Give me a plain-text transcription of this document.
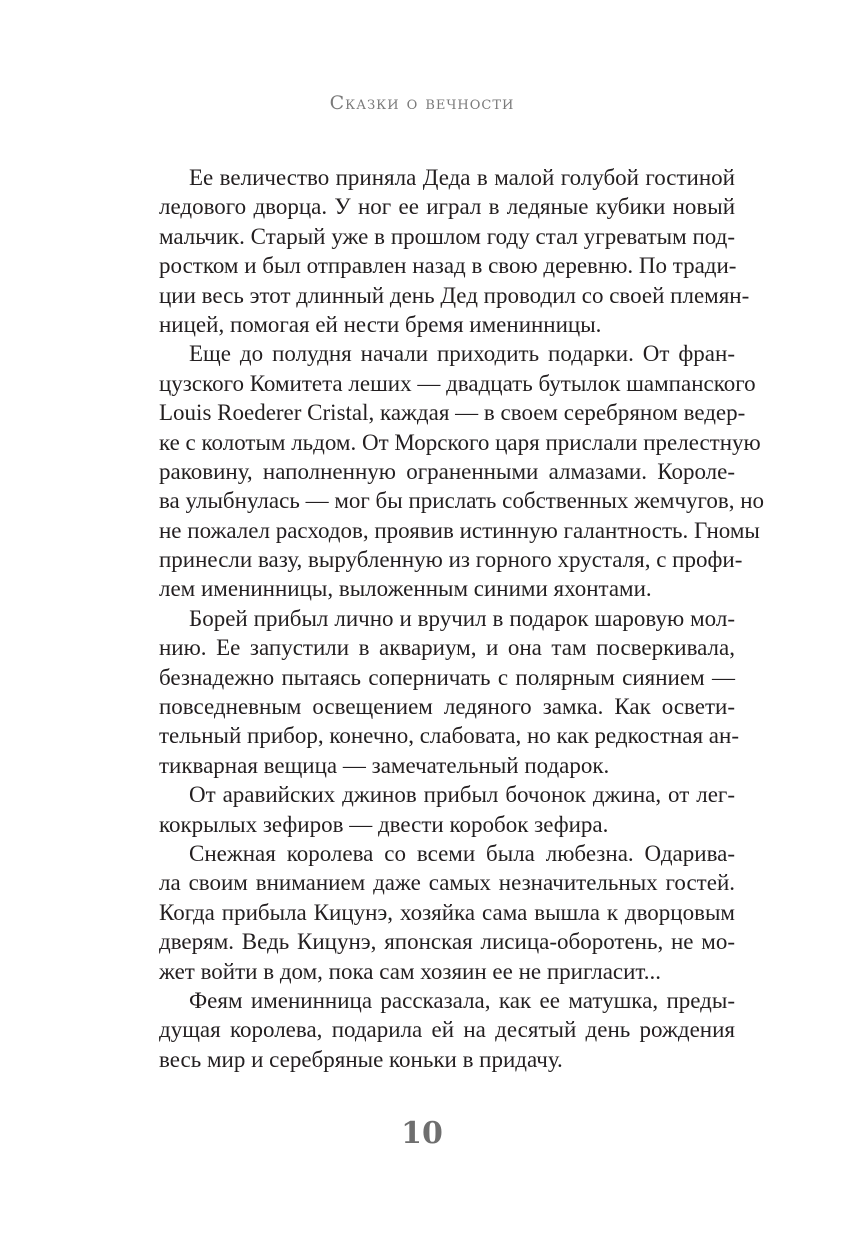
Сказки о вечности
Ее величество приняла Деда в малой голубой гостиной
ледового дворца. У ног ее играл в ледяные кубики новый
мальчик. Старый уже в прошлом году стал угреватым под-
ростком и был отправлен назад в свою деревню. По тради-
ции весь этот длинный день Дед проводил со своей племян-
ницей, помогая ей нести бремя именинницы.
Еще до полудня начали приходить подарки. От фран-
цузского Комитета леших — двадцать бутылок шампанского
Louis Roederer Cristal, каждая — в своем серебряном ведер-
ке с колотым льдом. От Морского царя прислали прелестную
раковину, наполненную ограненными алмазами. Короле-
ва улыбнулась — мог бы прислать собственных жемчугов, но
не пожалел расходов, проявив истинную галантность. Гномы
принесли вазу, вырубленную из горного хрусталя, с профи-
лем именинницы, выложенным синими яхонтами.
Борей прибыл лично и вручил в подарок шаровую мол-
нию. Ее запустили в аквариум, и она там посверкивала,
безнадежно пытаясь соперничать с полярным сиянием —
повседневным освещением ледяного замка. Как освети-
тельный прибор, конечно, слабовата, но как редкостная ан-
тикварная вещица — замечательный подарок.
От аравийских джинов прибыл бочонок джина, от лег-
кокрылых зефиров — двести коробок зефира.
Снежная королева со всеми была любезна. Одарива-
ла своим вниманием даже самых незначительных гостей.
Когда прибыла Кицунэ, хозяйка сама вышла к дворцовым
дверям. Ведь Кицунэ, японская лисица-оборотень, не мо-
жет войти в дом, пока сам хозяин ее не пригласит...
Феям именинница рассказала, как ее матушка, преды-
дущая королева, подарила ей на десятый день рождения
весь мир и серебряные коньки в придачу.
10
